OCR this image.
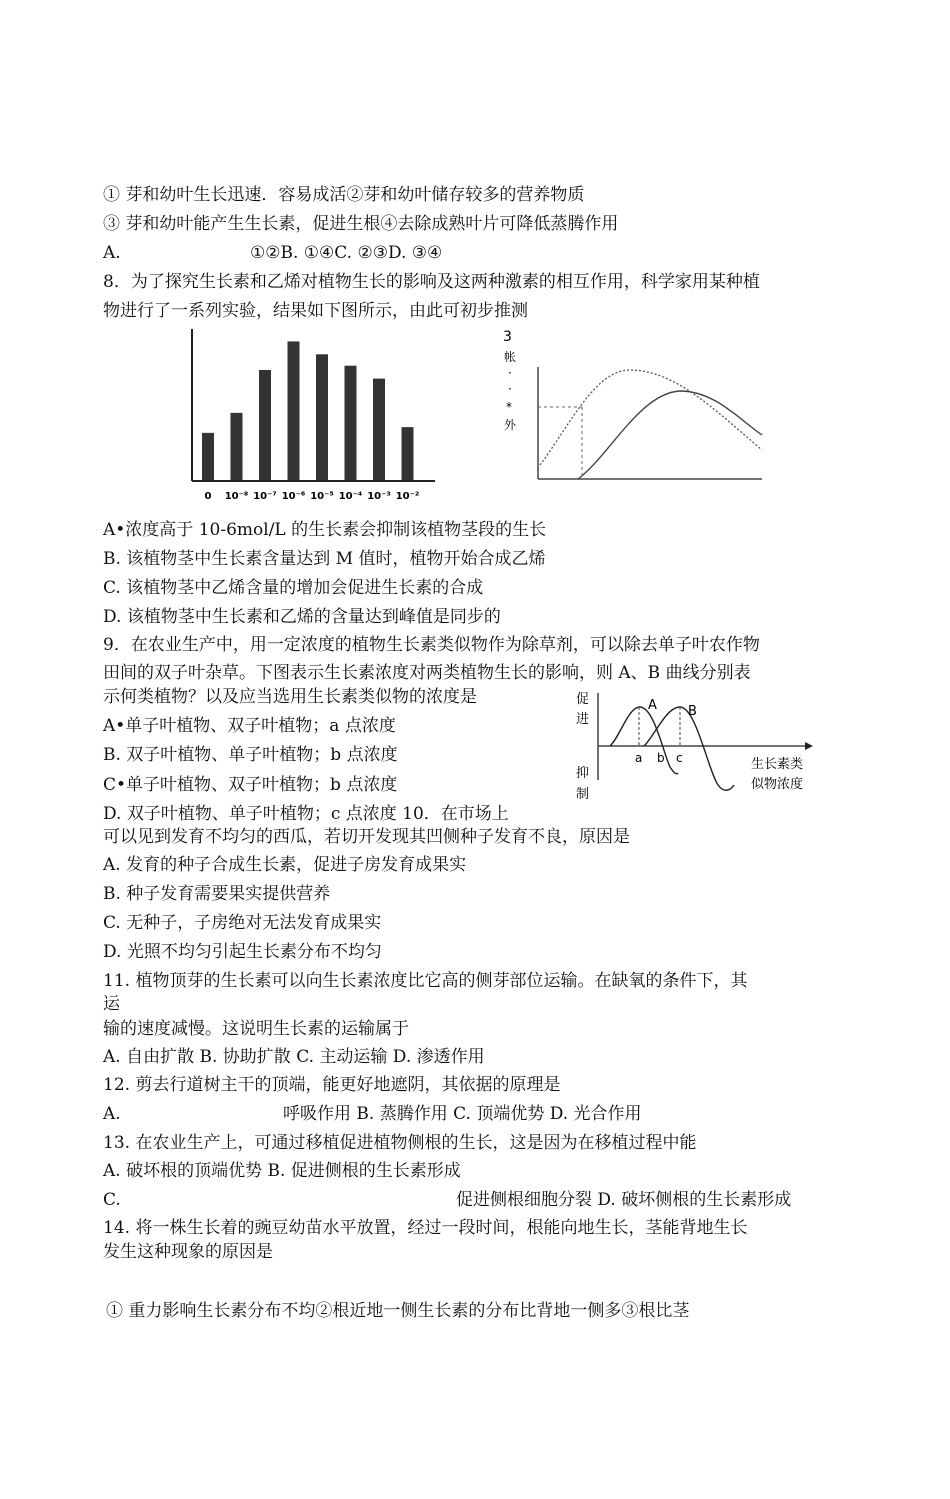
① 芽和幼叶生长迅速．容易成活②芽和幼叶储存较多的营养物质
③ 芽和幼叶能产生生长素，促进生根④去除成熟叶片可降低蒸腾作用
A.	①②B. ①④C. ②③D. ③④
8．为了探究生长素和乙烯对植物生长的影响及这两种激素的相互作用，科学家用某种植
物进行了一系列实验，结果如下图所示，由此可初步推测
0 10⁻⁸ 10⁻⁷ 10⁻⁶ 10⁻⁵ 10⁻⁴ 10⁻³ 10⁻²
3
帐
·
·
*
外
A•浓度高于 10-6mol/L 的生长素会抑制该植物茎段的生长
B. 该植物茎中生长素含量达到 M 值时，植物开始合成乙烯
C. 该植物茎中乙烯含量的增加会促进生长素的合成
D. 该植物茎中生长素和乙烯的含量达到峰值是同步的
9．在农业生产中，用一定浓度的植物生长素类似物作为除草剂，可以除去单子叶农作物
田间的双子叶杂草。下图表示生长素浓度对两类植物生长的影响，则 A、B 曲线分别表
示何类植物？以及应当选用生长素类似物的浓度是
A•单子叶植物、双子叶植物；a 点浓度
B. 双子叶植物、单子叶植物；b 点浓度
C•单子叶植物、双子叶植物；b 点浓度
D. 双子叶植物、单子叶植物；c 点浓度 10．在市场上
促
进
抑
制
A B
a b c	生长素类
似物浓度
可以见到发育不均匀的西瓜，若切开发现其凹侧种子发育不良，原因是
A. 发育的种子合成生长素，促进子房发育成果实
B. 种子发育需要果实提供营养
C. 无种子，子房绝对无法发育成果实
D. 光照不均匀引起生长素分布不均匀
11. 植物顶芽的生长素可以向生长素浓度比它高的侧芽部位运输。在缺氧的条件下，其
运
输的速度减慢。这说明生长素的运输属于
A. 自由扩散 B. 协助扩散 C. 主动运输 D. 渗透作用
12. 剪去行道树主干的顶端，能更好地遮阴，其依据的原理是
A.	呼吸作用 B. 蒸腾作用 C. 顶端优势 D. 光合作用
13. 在农业生产上，可通过移植促进植物侧根的生长，这是因为在移植过程中能
A. 破坏根的顶端优势 B. 促进侧根的生长素形成
C.	促进侧根细胞分裂 D. 破坏侧根的生长素形成
14. 将一株生长着的豌豆幼苗水平放置，经过一段时间，根能向地生长，茎能背地生长
发生这种现象的原因是
① 重力影响生长素分布不均②根近地一侧生长素的分布比背地一侧多③根比茎
